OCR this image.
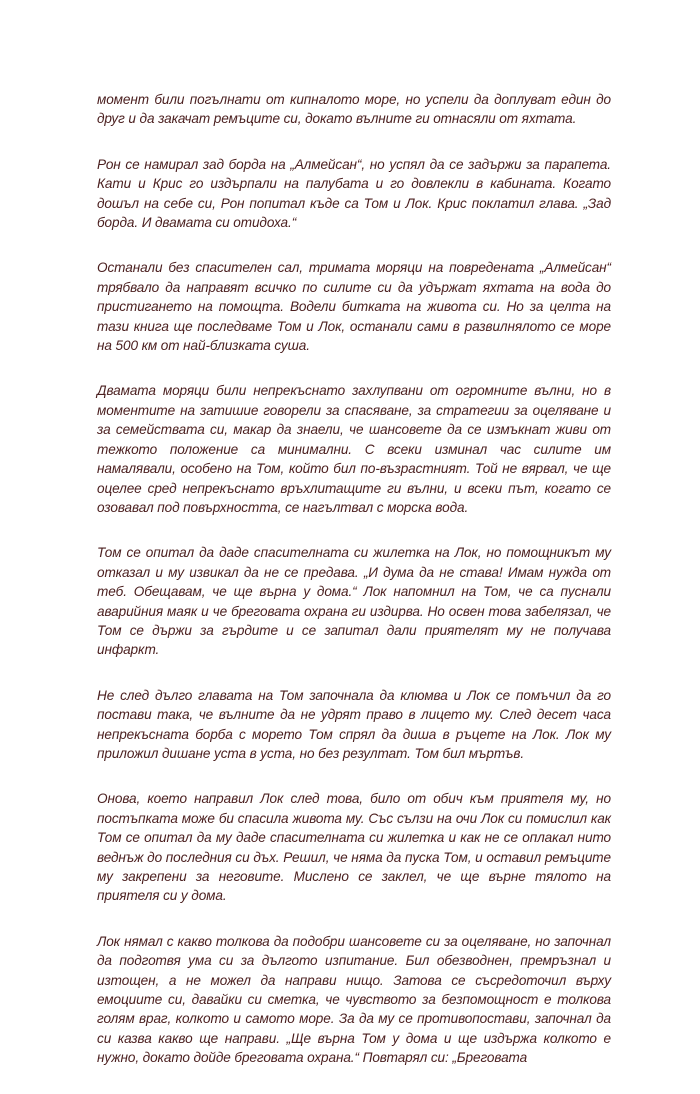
момент били погълнати от кипналото море, но успели да доплуват един до друг и да закачат ремъците си, докато вълните ги отнасяли от яхтата.

Рон се намирал зад борда на „Алмейсан“, но успял да се задържи за парапета. Кати и Крис го издърпали на палубата и го довлекли в кабината. Когато дошъл на себе си, Рон попитал къде са Том и Лок. Крис поклатил глава. „Зад борда. И двамата си отидоха.“

Останали без спасителен сал, тримата моряци на повредената „Алмейсан“ трябвало да направят всичко по силите си да удържат яхтата на вода до пристигането на помощта. Водели битката на живота си. Но за целта на тази книга ще последваме Том и Лок, останали сами в развилнялото се море на 500 км от най-близката суша.

Двамата моряци били непрекъснато захлупвани от огромните вълни, но в моментите на затишие говорели за спасяване, за стратегии за оцеляване и за семействата си, макар да знаели, че шансовете да се измъкнат живи от тежкото положение са минимални. С всеки изминал час силите им намалявали, особено на Том, който бил по-възрастният. Той не вярвал, че ще оцелее сред непрекъснато връхлитащите ги вълни, и всеки път, когато се озовавал под повърхността, се нагълтвал с морска вода.

Том се опитал да даде спасителната си жилетка на Лок, но помощникът му отказал и му извикал да не се предава. „И дума да не става! Имам нужда от теб. Обещавам, че ще върна у дома.“ Лок напомнил на Том, че са пуснали аварийния маяк и че бреговата охрана ги издирва. Но освен това забелязал, че Том се държи за гърдите и се запитал дали приятелят му не получава инфаркт.

Не след дълго главата на Том започнала да клюмва и Лок се помъчил да го постави така, че вълните да не удрят право в лицето му. След десет часа непрекъсната борба с морето Том спрял да диша в ръцете на Лок. Лок му приложил дишане уста в уста, но без резултат. Том бил мъртъв.

Онова, което направил Лок след това, било от обич към приятеля му, но постъпката може би спасила живота му. Със сълзи на очи Лок си помислил как Том се опитал да му даде спасителната си жилетка и как не се оплакал нито веднъж до последния си дъх. Решил, че няма да пуска Том, и оставил ремъците му закрепени за неговите. Мислено се заклел, че ще върне тялото на приятеля си у дома.

Лок нямал с какво толкова да подобри шансовете си за оцеляване, но започнал да подготвя ума си за дългото изпитание. Бил обезводнен, премръзнал и изтощен, а не можел да направи нищо. Затова се съсредоточил върху емоциите си, давайки си сметка, че чувството за безпомощност е толкова голям враг, колкото и самото море. За да му се противопостави, започнал да си казва какво ще направи. „Ще върна Том у дома и ще издържа колкото е нужно, докато дойде бреговата охрана.“ Повтарял си: „Бреговата
